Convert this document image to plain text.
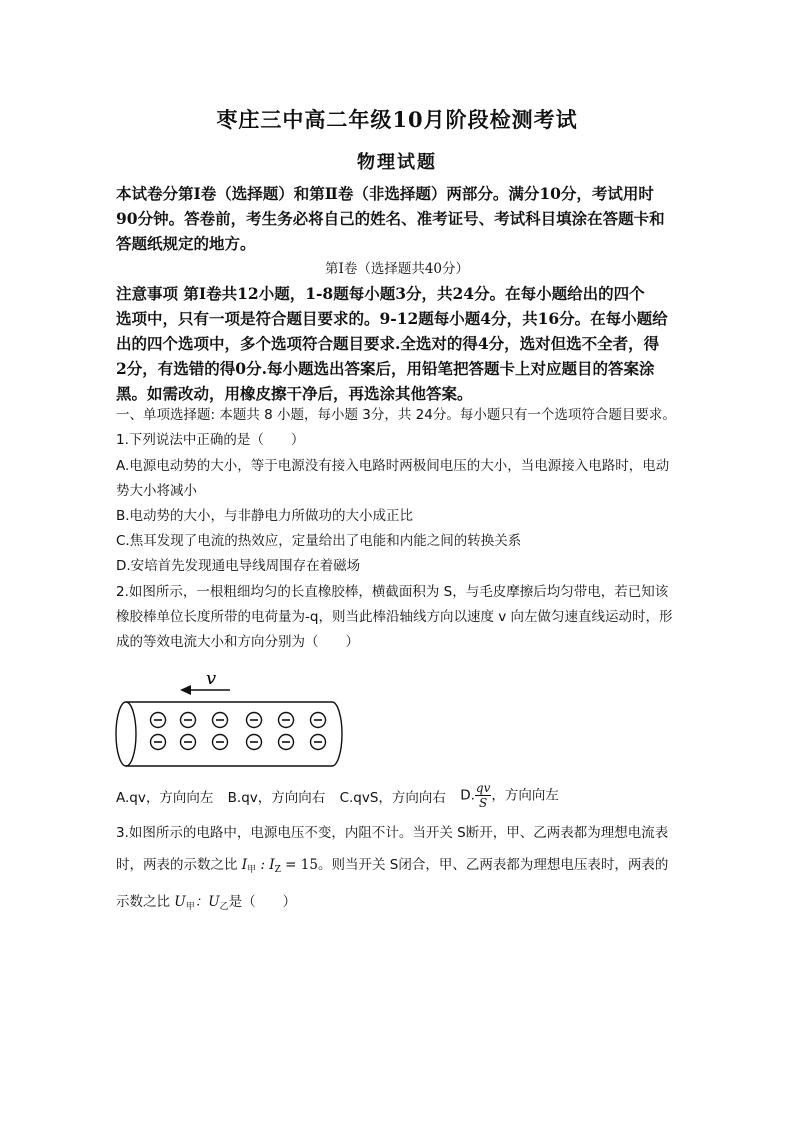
枣庄三中高二年级10月阶段检测考试
物理试题
本试卷分第Ⅰ卷（选择题）和第Ⅱ卷（非选择题）两部分。满分10分，考试用时
90分钟。答卷前，考生务必将自己的姓名、准考证号、考试科目填涂在答题卡和
答题纸规定的地方。
第Ⅰ卷（选择题共40分）
注意事项 第Ⅰ卷共12小题，1-8题每小题3分，共24分。在每小题给出的四个
选项中，只有一项是符合题目要求的。9-12题每小题4分，共16分。在每小题给
出的四个选项中，多个选项符合题目要求.全选对的得4分，选对但选不全者，得
2分，有选错的得0分.每小题选出答案后，用铅笔把答题卡上对应题目的答案涂
黑。如需改动，用橡皮擦干净后，再选涂其他答案。
一、单项选择题: 本题共 8 小题，每小题 3分，共 24分。每小题只有一个选项符合题目要求。
1.下列说法中正确的是（　　）
A.电源电动势的大小，等于电源没有接入电路时两极间电压的大小，当电源接入电路时，电动
势大小将减小
B.电动势的大小，与非静电力所做功的大小成正比
C.焦耳发现了电流的热效应，定量给出了电能和内能之间的转换关系
D.安培首先发现通电导线周围存在着磁场
2.如图所示，一根粗细均匀的长直橡胶棒，横截面积为 S，与毛皮摩擦后均匀带电，若已知该
橡胶棒单位长度所带的电荷量为-q，则当此棒沿轴线方向以速度 v 向左做匀速直线运动时，形
成的等效电流大小和方向分别为（　　）
v
A.qv，方向向左 B.qv，方向向右 C.qvS，方向向右 D. $\frac{qv}{S}$ ，方向向左
3.如图所示的电路中，电源电压不变，内阻不计。当开关 S断开，甲、乙两表都为理想电流表
时，两表的示数之比 $I_甲$ : $I_Z = 15$。则当开关 S闭合，甲、乙两表都为理想电压表时，两表的
示数之比 $U_甲$：$U_乙$是（　　）
